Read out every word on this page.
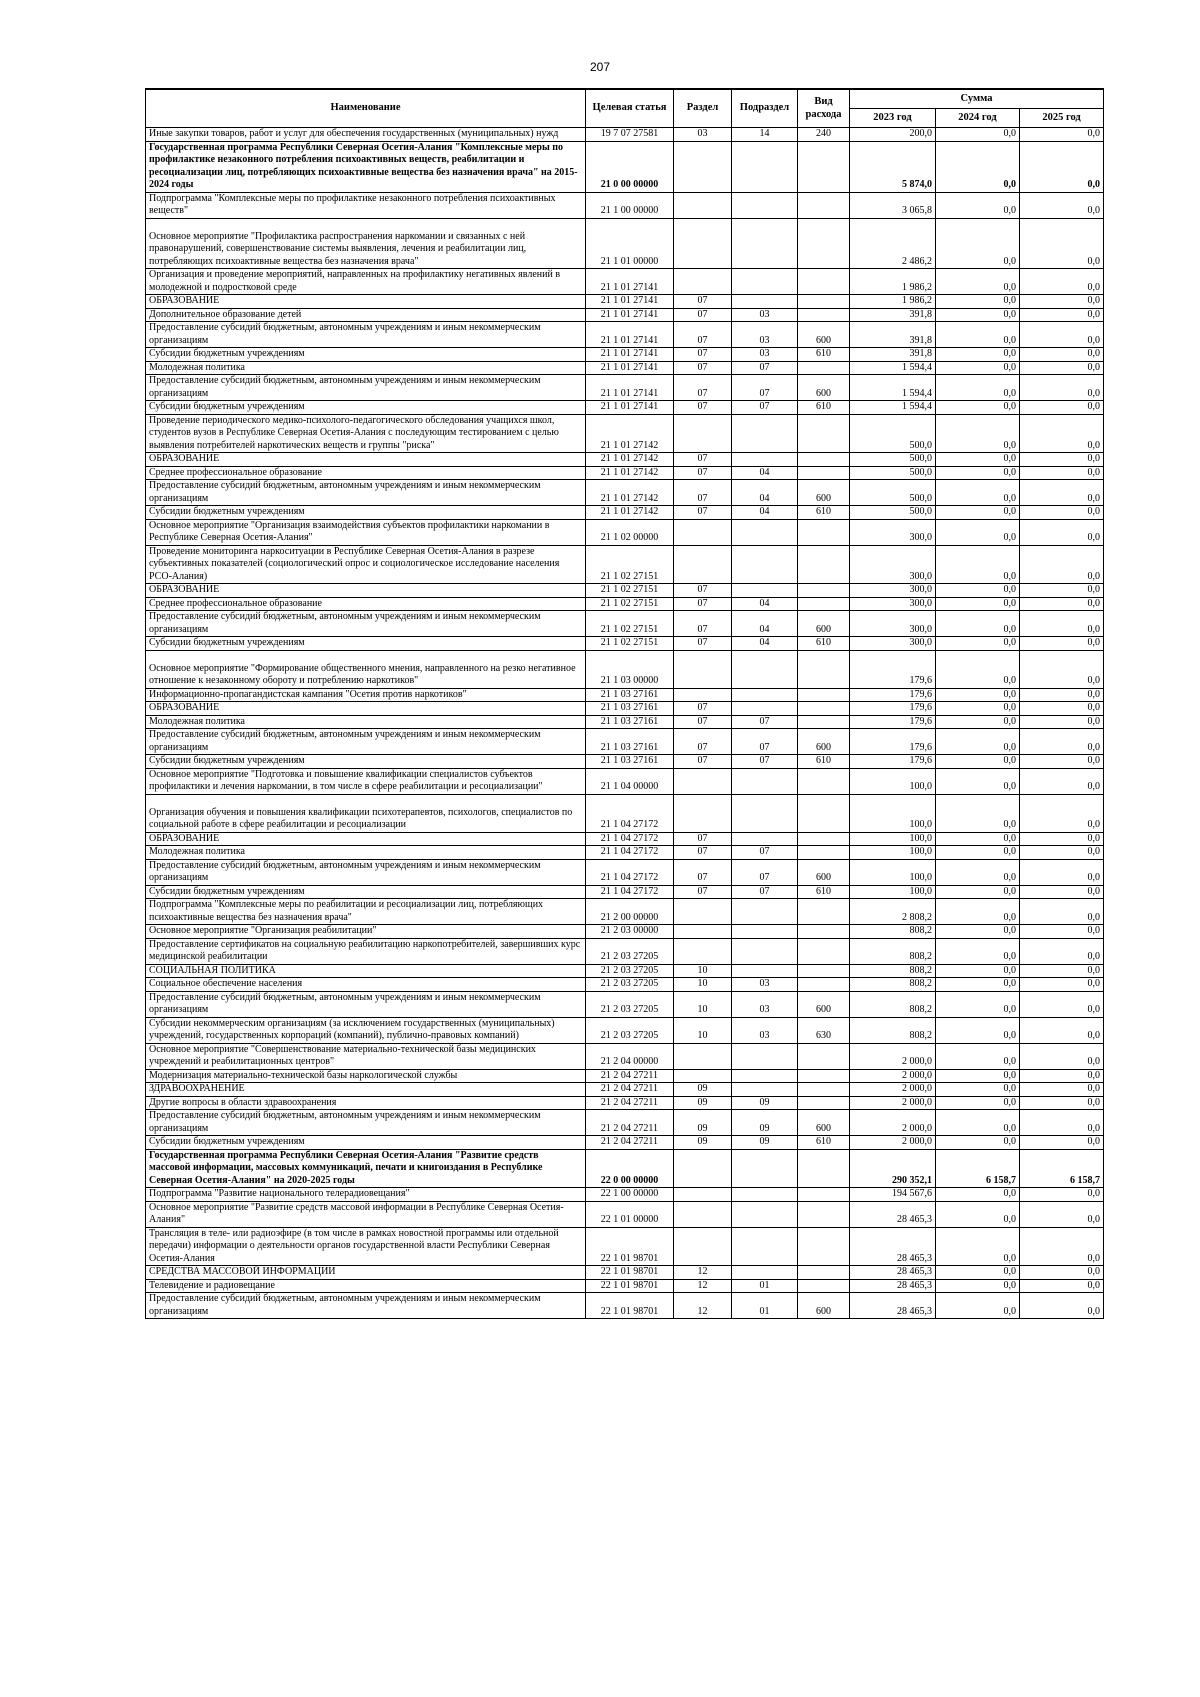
207
Наименование	Целевая статья	Раздел	Подраздел	Вид расхода	Сумма		
					2023 год	2024 год	2025 год
Иные закупки товаров, работ и услуг для обеспечения государственных (муниципальных) нужд	19 7 07 27581	03	14	240	200,0	0,0	0,0
Государственная программа Республики Северная Осетия-Алания "Комплексные меры по профилактике незаконного потребления психоактивных веществ, реабилитации и ресоциализации лиц, потребляющих психоактивные вещества без назначения врача" на 2015-2024 годы	21 0 00 00000				5 874,0	0,0	0,0
Подпрограмма "Комплексные меры по профилактике незаконного потребления психоактивных веществ"	21 1 00 00000				3 065,8	0,0	0,0
Основное мероприятие "Профилактика распространения наркомании и связанных с ней правонарушений, совершенствование системы выявления, лечения и реабилитации лиц, потребляющих психоактивные вещества без назначения врача"	21 1 01 00000				2 486,2	0,0	0,0
Организация и проведение мероприятий, направленных на профилактику негативных явлений в молодежной и подростковой среде	21 1 01 27141				1 986,2	0,0	0,0
ОБРАЗОВАНИЕ	21 1 01 27141	07			1 986,2	0,0	0,0
Дополнительное образование детей	21 1 01 27141	07	03		391,8	0,0	0,0
Предоставление субсидий бюджетным, автономным учреждениям и иным некоммерческим организациям	21 1 01 27141	07	03	600	391,8	0,0	0,0
Субсидии бюджетным учреждениям	21 1 01 27141	07	03	610	391,8	0,0	0,0
Молодежная политика	21 1 01 27141	07	07		1 594,4	0,0	0,0
Предоставление субсидий бюджетным, автономным учреждениям и иным некоммерческим организациям	21 1 01 27141	07	07	600	1 594,4	0,0	0,0
Субсидии бюджетным учреждениям	21 1 01 27141	07	07	610	1 594,4	0,0	0,0
Проведение периодического медико-психолого-педагогического обследования учащихся школ, студентов вузов в Республике Северная Осетия-Алания с последующим тестированием с целью выявления потребителей наркотических веществ и группы "риска"	21 1 01 27142				500,0	0,0	0,0
ОБРАЗОВАНИЕ	21 1 01 27142	07			500,0	0,0	0,0
Среднее профессиональное образование	21 1 01 27142	07	04		500,0	0,0	0,0
Предоставление субсидий бюджетным, автономным учреждениям и иным некоммерческим организациям	21 1 01 27142	07	04	600	500,0	0,0	0,0
Субсидии бюджетным учреждениям	21 1 01 27142	07	04	610	500,0	0,0	0,0
Основное мероприятие "Организация взаимодействия субъектов профилактики наркомании в Республике Северная Осетия-Алания"	21 1 02 00000				300,0	0,0	0,0
Проведение мониторинга наркоситуации в Республике Северная Осетия-Алания в разрезе субъективных показателей (социологический опрос и социологическое исследование населения РСО-Алания)	21 1 02 27151				300,0	0,0	0,0
ОБРАЗОВАНИЕ	21 1 02 27151	07			300,0	0,0	0,0
Среднее профессиональное образование	21 1 02 27151	07	04		300,0	0,0	0,0
Предоставление субсидий бюджетным, автономным учреждениям и иным некоммерческим организациям	21 1 02 27151	07	04	600	300,0	0,0	0,0
Субсидии бюджетным учреждениям	21 1 02 27151	07	04	610	300,0	0,0	0,0
Основное мероприятие "Формирование общественного мнения, направленного на резко негативное отношение к незаконному обороту и потреблению наркотиков"	21 1 03 00000				179,6	0,0	0,0
Информационно-пропагандистская кампания "Осетия против наркотиков"	21 1 03 27161				179,6	0,0	0,0
ОБРАЗОВАНИЕ	21 1 03 27161	07			179,6	0,0	0,0
Молодежная политика	21 1 03 27161	07	07		179,6	0,0	0,0
Предоставление субсидий бюджетным, автономным учреждениям и иным некоммерческим организациям	21 1 03 27161	07	07	600	179,6	0,0	0,0
Субсидии бюджетным учреждениям	21 1 03 27161	07	07	610	179,6	0,0	0,0
Основное мероприятие "Подготовка и повышение квалификации специалистов субъектов профилактики и лечения наркомании, в том числе в сфере реабилитации и ресоциализации"	21 1 04 00000				100,0	0,0	0,0
Организация обучения и повышения квалификации психотерапевтов, психологов, специалистов по социальной работе в сфере реабилитации и ресоциализации	21 1 04 27172				100,0	0,0	0,0
ОБРАЗОВАНИЕ	21 1 04 27172	07			100,0	0,0	0,0
Молодежная политика	21 1 04 27172	07	07		100,0	0,0	0,0
Предоставление субсидий бюджетным, автономным учреждениям и иным некоммерческим организациям	21 1 04 27172	07	07	600	100,0	0,0	0,0
Субсидии бюджетным учреждениям	21 1 04 27172	07	07	610	100,0	0,0	0,0
Подпрограмма "Комплексные меры по реабилитации и ресоциализации лиц, потребляющих психоактивные вещества без назначения врача"	21 2 00 00000				2 808,2	0,0	0,0
Основное мероприятие "Организация реабилитации"	21 2 03 00000				808,2	0,0	0,0
Предоставление сертификатов на социальную реабилитацию наркопотребителей, завершивших курс медицинской реабилитации	21 2 03 27205				808,2	0,0	0,0
СОЦИАЛЬНАЯ ПОЛИТИКА	21 2 03 27205	10			808,2	0,0	0,0
Социальное обеспечение населения	21 2 03 27205	10	03		808,2	0,0	0,0
Предоставление субсидий бюджетным, автономным учреждениям и иным некоммерческим организациям	21 2 03 27205	10	03	600	808,2	0,0	0,0
Субсидии некоммерческим организациям (за исключением государственных (муниципальных) учреждений, государственных корпораций (компаний), публично-правовых компаний)	21 2 03 27205	10	03	630	808,2	0,0	0,0
Основное мероприятие "Совершенствование материально-технической базы медицинских учреждений и реабилитационных центров"	21 2 04 00000				2 000,0	0,0	0,0
Модернизация материально-технической базы наркологической службы	21 2 04 27211				2 000,0	0,0	0,0
ЗДРАВООХРАНЕНИЕ	21 2 04 27211	09			2 000,0	0,0	0,0
Другие вопросы в области здравоохранения	21 2 04 27211	09	09		2 000,0	0,0	0,0
Предоставление субсидий бюджетным, автономным учреждениям и иным некоммерческим организациям	21 2 04 27211	09	09	600	2 000,0	0,0	0,0
Субсидии бюджетным учреждениям	21 2 04 27211	09	09	610	2 000,0	0,0	0,0
Государственная программа Республики Северная Осетия-Алания "Развитие средств массовой информации, массовых коммуникаций, печати и книгоиздания в Республике Северная Осетия-Алания" на 2020-2025 годы	22 0 00 00000				290 352,1	6 158,7	6 158,7
Подпрограмма "Развитие национального телерадиовещания"	22 1 00 00000				194 567,6	0,0	0,0
Основное мероприятие "Развитие средств массовой информации в Республике Северная Осетия-Алания"	22 1 01 00000				28 465,3	0,0	0,0
Трансляция в теле- или радиоэфире (в том числе в рамках новостной программы или отдельной передачи) информации о деятельности органов государственной власти Республики Северная Осетия-Алания	22 1 01 98701				28 465,3	0,0	0,0
СРЕДСТВА МАССОВОЙ ИНФОРМАЦИИ	22 1 01 98701	12			28 465,3	0,0	0,0
Телевидение и радиовещание	22 1 01 98701	12	01		28 465,3	0,0	0,0
Предоставление субсидий бюджетным, автономным учреждениям и иным некоммерческим организациям	22 1 01 98701	12	01	600	28 465,3	0,0	0,0
